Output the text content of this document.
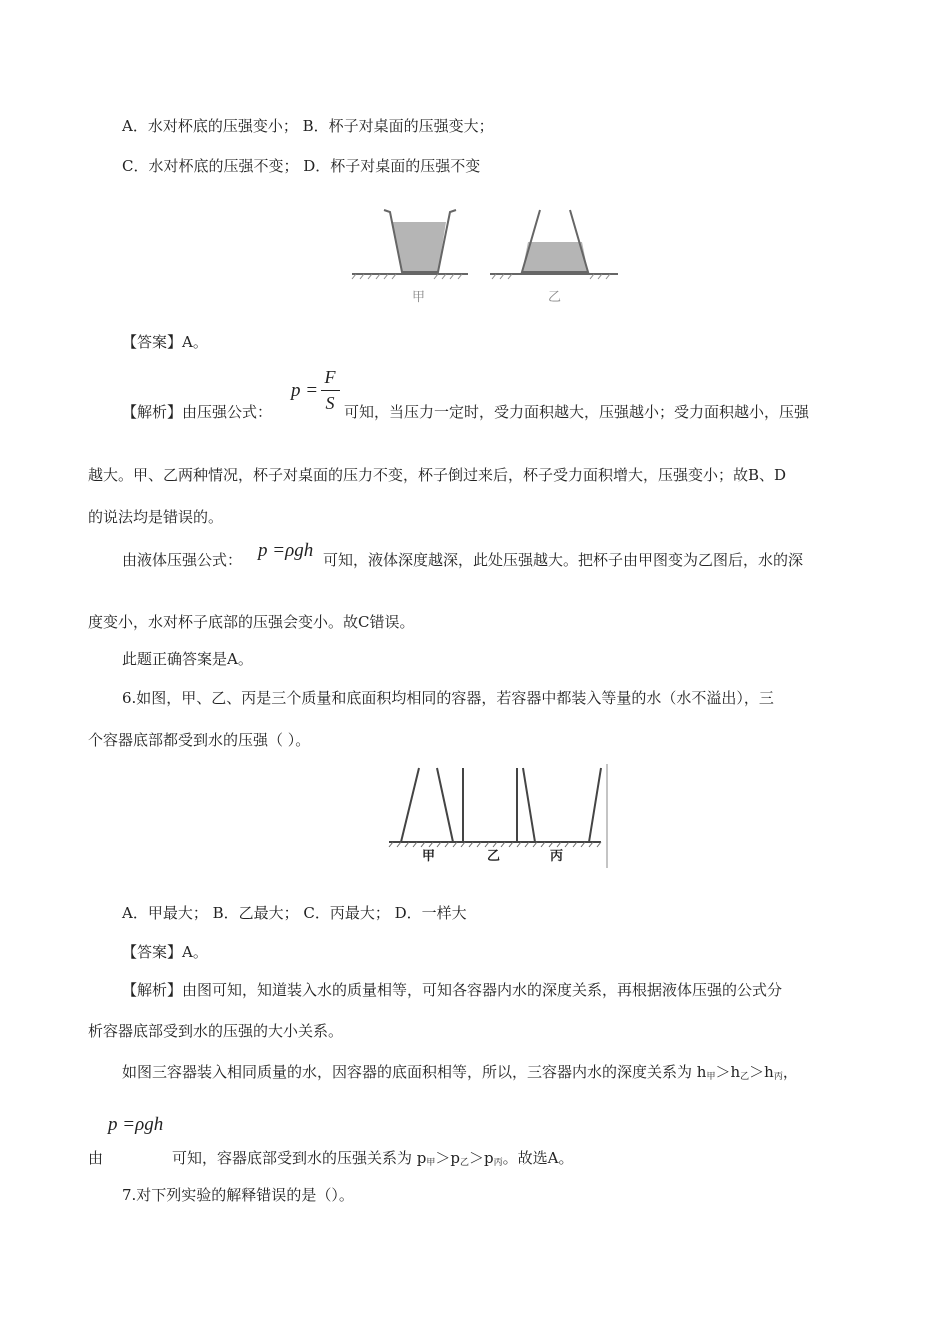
A．水对杯底的压强变小； B．杯子对桌面的压强变大；
C．水对杯底的压强不变； D．杯子对桌面的压强不变
甲	乙
【答案】A。
【解析】由压强公式：
p =
F
S 可知，当压力一定时，受力面积越大，压强越小；受力面积越小，压强
越大。甲、乙两种情况，杯子对桌面的压力不变，杯子倒过来后，杯子受力面积增大，压强变小；故B、D
的说法均是错误的。
由液体压强公式： p =ρgh 可知，液体深度越深，此处压强越大。把杯子由甲图变为乙图后，水的深
度变小，水对杯子底部的压强会变小。故C错误。
此题正确答案是A。
6.如图，甲、乙、丙是三个质量和底面积均相同的容器，若容器中都装入等量的水（水不溢出），三
个容器底部都受到水的压强（ ）。
甲	乙	丙
A．甲最大； B．乙最大； C．丙最大； D．一样大
【答案】A。
【解析】由图可知，知道装入水的质量相等，可知各容器内水的深度关系，再根据液体压强的公式分
析容器底部受到水的压强的大小关系。
如图三容器装入相同质量的水，因容器的底面积相等，所以，三容器内水的深度关系为 $h_甲>h_乙>h_丙$，
p =ρgh
由	可知，容器底部受到水的压强关系为 $p_甲>p_乙>p_丙$。故选A。
7.对下列实验的解释错误的是（）。
